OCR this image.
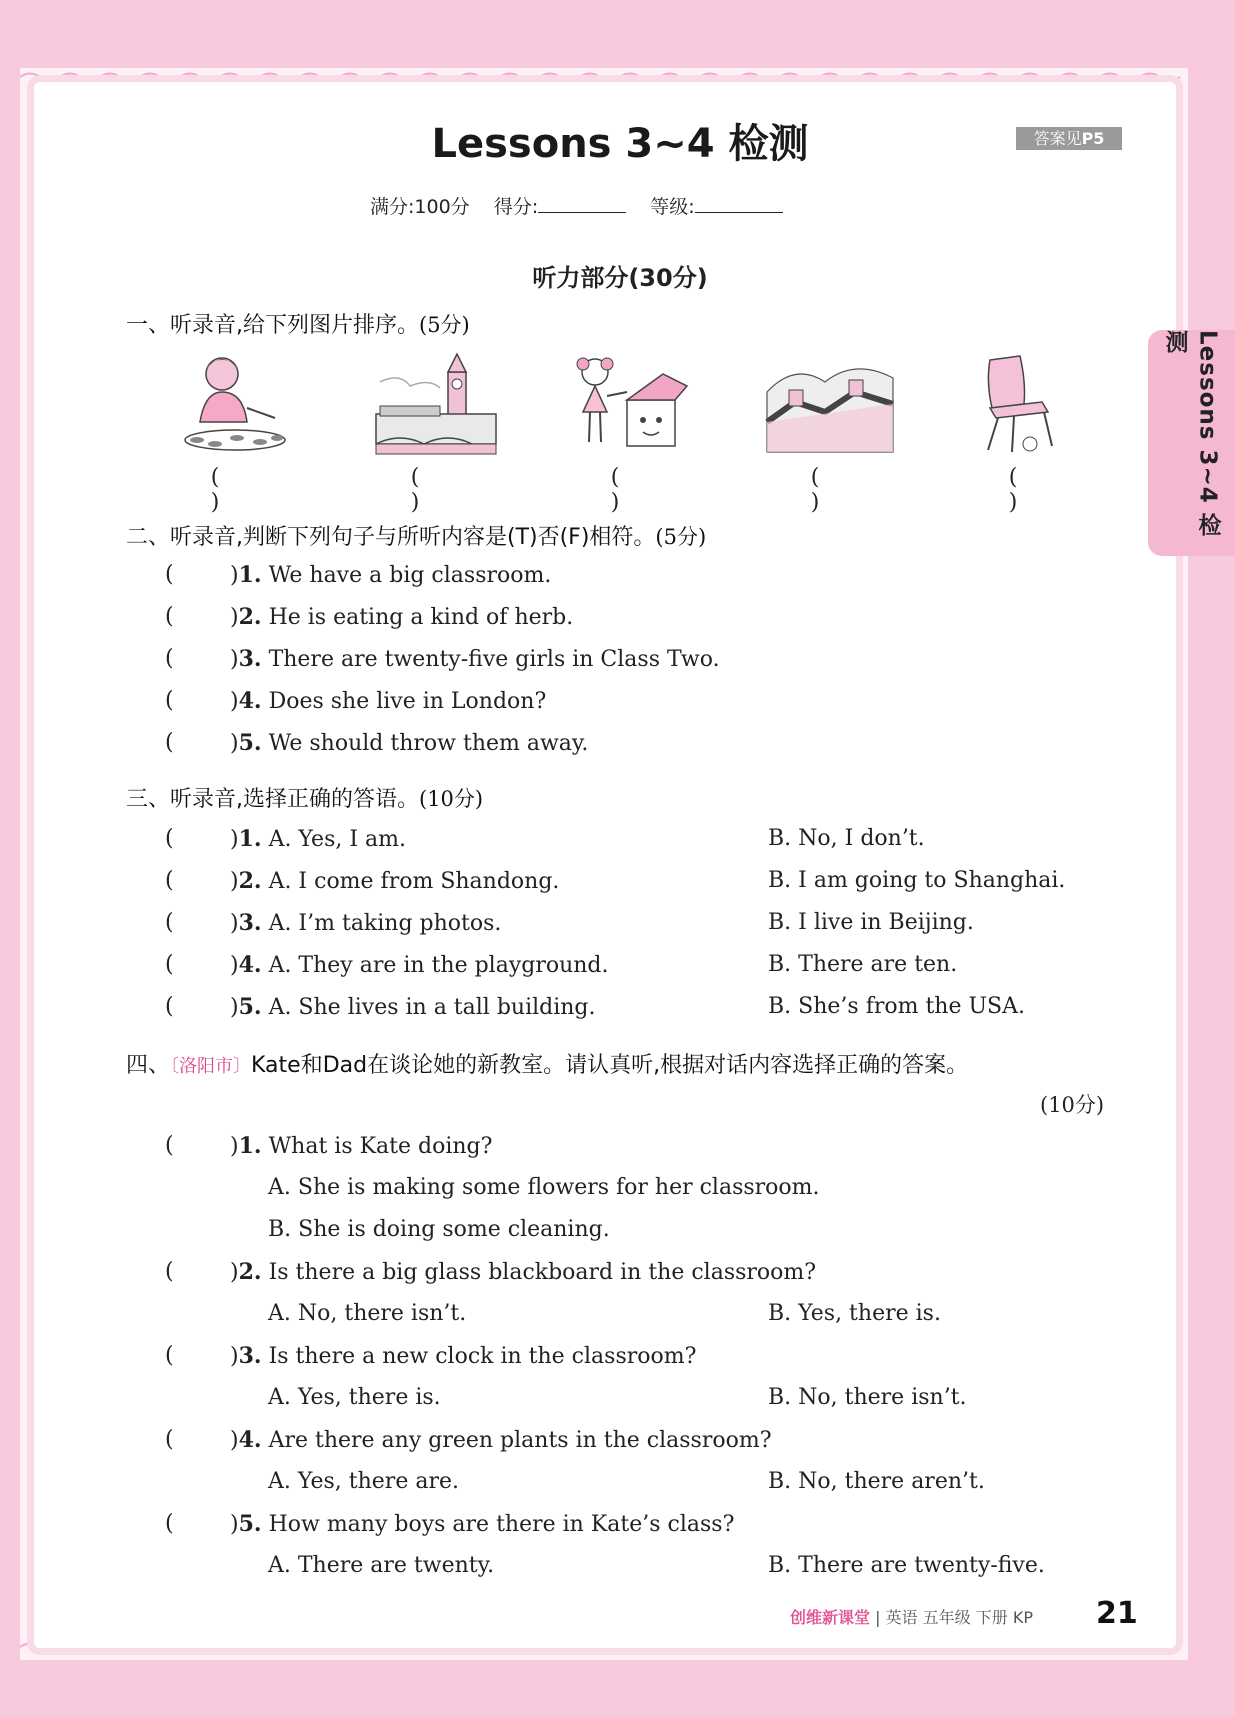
Lessons 3~4 检测
Lessons 3~4 检测	答案见P5
满分:100分 得分:	等级:
听力部分(30分)
一、听录音,给下列图片排序。(5分)
( )
( )
( )
( )
( )
二、听录音,判断下列句子与所听内容是(T)否(F)相符。(5分)
(	)1. We have a big classroom.
(	)2. He is eating a kind of herb.
(	)3. There are twenty-five girls in Class Two.
(	)4. Does she live in London?
(	)5. We should throw them away.
三、听录音,选择正确的答语。(10分)
(	)1. A. Yes, I am.	B. No, I don’t.
(	)2. A. I come from Shandong.	B. I am going to Shanghai.
(	)3. A. I’m taking photos.	B. I live in Beijing.
(	)4. A. They are in the playground.	B. There are ten.
(	)5. A. She lives in a tall building.	B. She’s from the USA.
四、〔洛阳市〕Kate和Dad在谈论她的新教室。请认真听,根据对话内容选择正确的答案。
(10分)
(	)1. What is Kate doing?
A. She is making some flowers for her classroom.
B. She is doing some cleaning.
(	)2. Is there a big glass blackboard in the classroom?
A. No, there isn’t.	B. Yes, there is.
(	)3. Is there a new clock in the classroom?
A. Yes, there is.	B. No, there isn’t.
(	)4. Are there any green plants in the classroom?
A. Yes, there are.	B. No, there aren’t.
(	)5. How many boys are there in Kate’s class?
A. There are twenty.	B. There are twenty-five.
创维新课堂 | 英语 五年级 下册 KP 21
